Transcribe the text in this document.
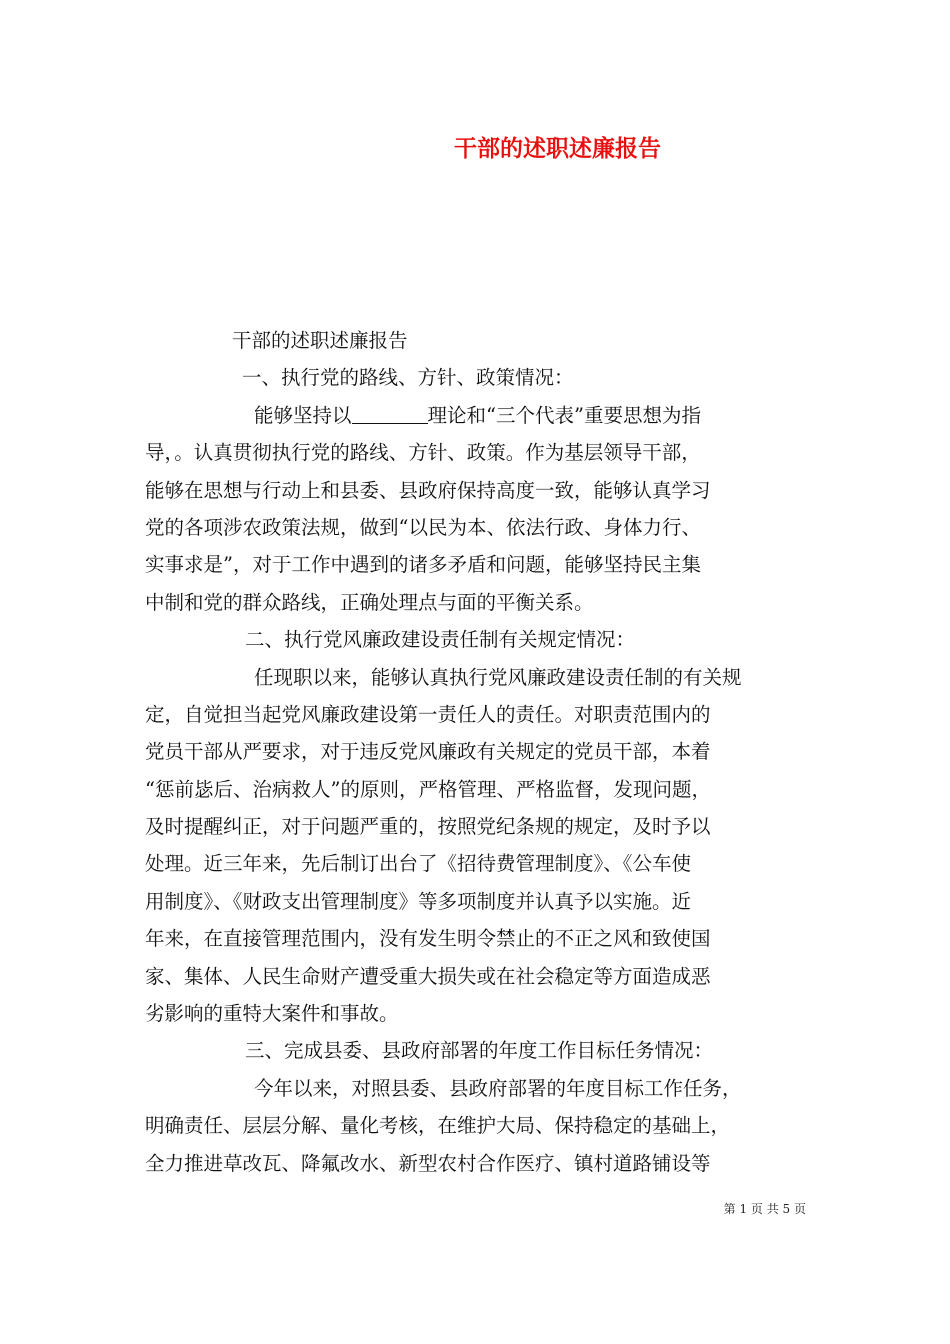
干部的述职述廉报告
干部的述职述廉报告
一、执行党的路线、方针、政策情况：
能够坚持以	理论和“三个代表”重要思想为指
导，。认真贯彻执行党的路线、方针、政策。作为基层领导干部，
能够在思想与行动上和县委、县政府保持高度一致，能够认真学习
党的各项涉农政策法规，做到“以民为本、依法行政、身体力行、
实事求是”，对于工作中遇到的诸多矛盾和问题，能够坚持民主集
中制和党的群众路线，正确处理点与面的平衡关系。
二、执行党风廉政建设责任制有关规定情况：
任现职以来，能够认真执行党风廉政建设责任制的有关规
定，自觉担当起党风廉政建设第一责任人的责任。对职责范围内的
党员干部从严要求，对于违反党风廉政有关规定的党员干部，本着
“惩前毖后、治病救人”的原则，严格管理、严格监督，发现问题，
及时提醒纠正，对于问题严重的，按照党纪条规的规定，及时予以
处理。近三年来，先后制订出台了《招待费管理制度》、《公车使
用制度》、《财政支出管理制度》等多项制度并认真予以实施。近
年来，在直接管理范围内，没有发生明令禁止的不正之风和致使国
家、集体、人民生命财产遭受重大损失或在社会稳定等方面造成恶
劣影响的重特大案件和事故。
三、完成县委、县政府部署的年度工作目标任务情况：
今年以来，对照县委、县政府部署的年度目标工作任务，
明确责任、层层分解、量化考核，在维护大局、保持稳定的基础上，
全力推进草改瓦、降氟改水、新型农村合作医疗、镇村道路铺设等
第 1 页 共 5 页
